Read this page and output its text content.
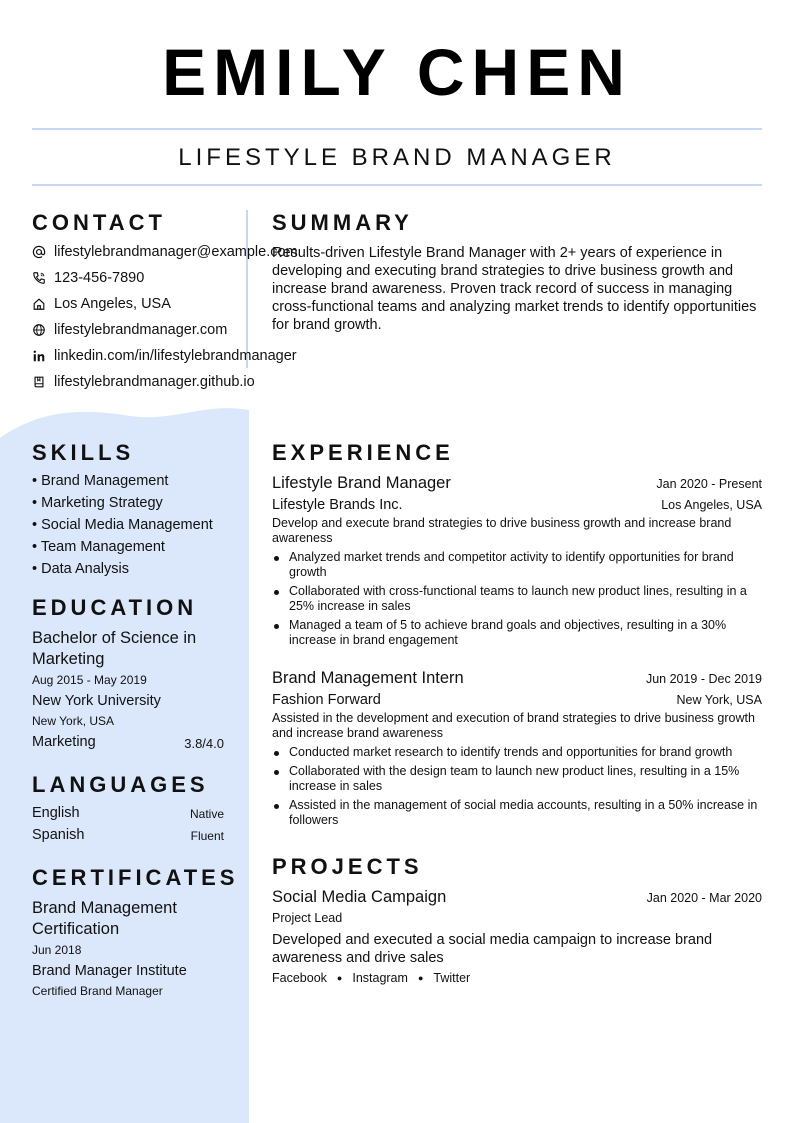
EMILY CHEN
LIFESTYLE BRAND MANAGER
CONTACT
lifestylebrandmanager@example.com
123-456-7890
Los Angeles, USA
lifestylebrandmanager.com
linkedin.com/in/lifestylebrandmanager
lifestylebrandmanager.github.io
SUMMARY
Results-driven Lifestyle Brand Manager with 2+ years of experience in developing and executing brand strategies to drive business growth and increase brand awareness. Proven track record of success in managing cross-functional teams and analyzing market trends to identify opportunities for brand growth.
SKILLS
• Brand Management
• Marketing Strategy
• Social Media Management
• Team Management
• Data Analysis
EDUCATION
Bachelor of Science in Marketing
Aug 2015 - May 2019
New York University
New York, USA
Marketing	3.8/4.0
LANGUAGES
English	Native
Spanish	Fluent
CERTIFICATES
Brand Management Certification
Jun 2018
Brand Manager Institute
Certified Brand Manager
EXPERIENCE
Lifestyle Brand Manager	Jan 2020 - Present
Lifestyle Brands Inc.	Los Angeles, USA
Develop and execute brand strategies to drive business growth and increase brand awareness
Analyzed market trends and competitor activity to identify opportunities for brand growth
Collaborated with cross-functional teams to launch new product lines, resulting in a 25% increase in sales
Managed a team of 5 to achieve brand goals and objectives, resulting in a 30% increase in brand engagement
Brand Management Intern	Jun 2019 - Dec 2019
Fashion Forward	New York, USA
Assisted in the development and execution of brand strategies to drive business growth and increase brand awareness
Conducted market research to identify trends and opportunities for brand growth
Collaborated with the design team to launch new product lines, resulting in a 15% increase in sales
Assisted in the management of social media accounts, resulting in a 50% increase in followers
PROJECTS
Social Media Campaign	Jan 2020 - Mar 2020
Project Lead
Developed and executed a social media campaign to increase brand awareness and drive sales
Facebook ● Instagram ● Twitter
